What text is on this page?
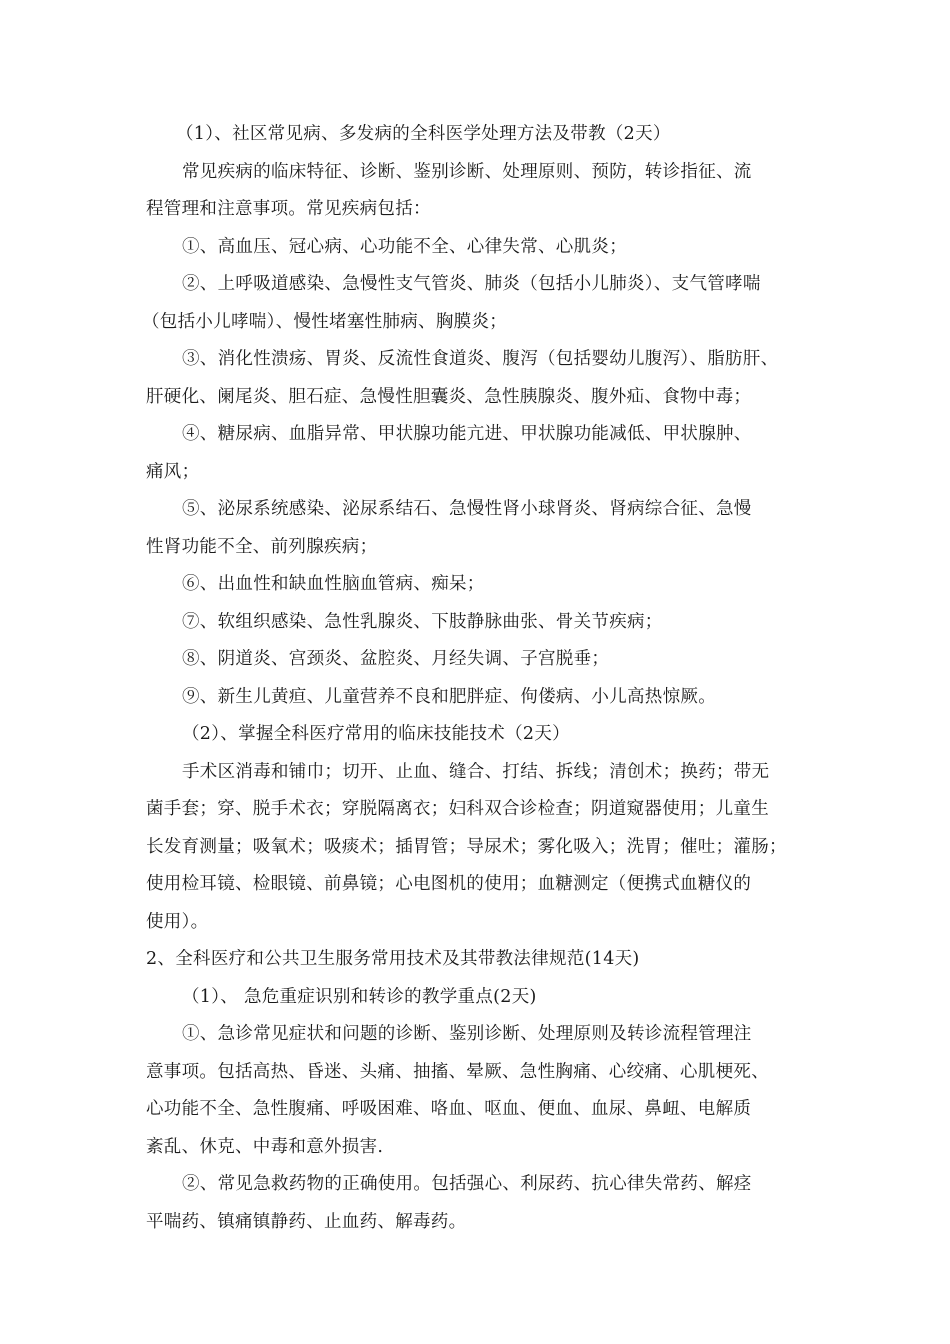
（1）、社区常见病、多发病的全科医学处理方法及带教（2天）
常见疾病的临床特征、诊断、鉴别诊断、处理原则、预防，转诊指征、流
程管理和注意事项。常见疾病包括：
①、高血压、冠心病、心功能不全、心律失常、心肌炎；
②、上呼吸道感染、急慢性支气管炎、肺炎（包括小儿肺炎）、支气管哮喘
（包括小儿哮喘）、慢性堵塞性肺病、胸膜炎；
③、消化性溃疡、胃炎、反流性食道炎、腹泻（包括婴幼儿腹泻）、脂肪肝、
肝硬化、阑尾炎、胆石症、急慢性胆囊炎、急性胰腺炎、腹外疝、食物中毒；
④、糖尿病、血脂异常、甲状腺功能亢进、甲状腺功能减低、甲状腺肿、
痛风；
⑤、泌尿系统感染、泌尿系结石、急慢性肾小球肾炎、肾病综合征、急慢
性肾功能不全、前列腺疾病；
⑥、出血性和缺血性脑血管病、痴呆；
⑦、软组织感染、急性乳腺炎、下肢静脉曲张、骨关节疾病；
⑧、阴道炎、宫颈炎、盆腔炎、月经失调、子宫脱垂；
⑨、新生儿黄疸、儿童营养不良和肥胖症、佝偻病、小儿高热惊厥。
（2）、掌握全科医疗常用的临床技能技术（2天）
手术区消毒和铺巾；切开、止血、缝合、打结、拆线；清创术；换药；带无
菌手套；穿、脱手术衣；穿脱隔离衣；妇科双合诊检查；阴道窥器使用；儿童生
长发育测量；吸氧术；吸痰术；插胃管；导尿术；雾化吸入；洗胃；催吐；灌肠；
使用检耳镜、检眼镜、前鼻镜；心电图机的使用；血糖测定（便携式血糖仪的
使用）。
2、全科医疗和公共卫生服务常用技术及其带教法律规范(14天)
（1）、 急危重症识别和转诊的教学重点(2天)
①、急诊常见症状和问题的诊断、鉴别诊断、处理原则及转诊流程管理注
意事项。包括高热、昏迷、头痛、抽搐、晕厥、急性胸痛、心绞痛、心肌梗死、
心功能不全、急性腹痛、呼吸困难、咯血、呕血、便血、血尿、鼻衄、电解质
紊乱、休克、中毒和意外损害.
②、常见急救药物的正确使用。包括强心、利尿药、抗心律失常药、解痉
平喘药、镇痛镇静药、止血药、解毒药。
